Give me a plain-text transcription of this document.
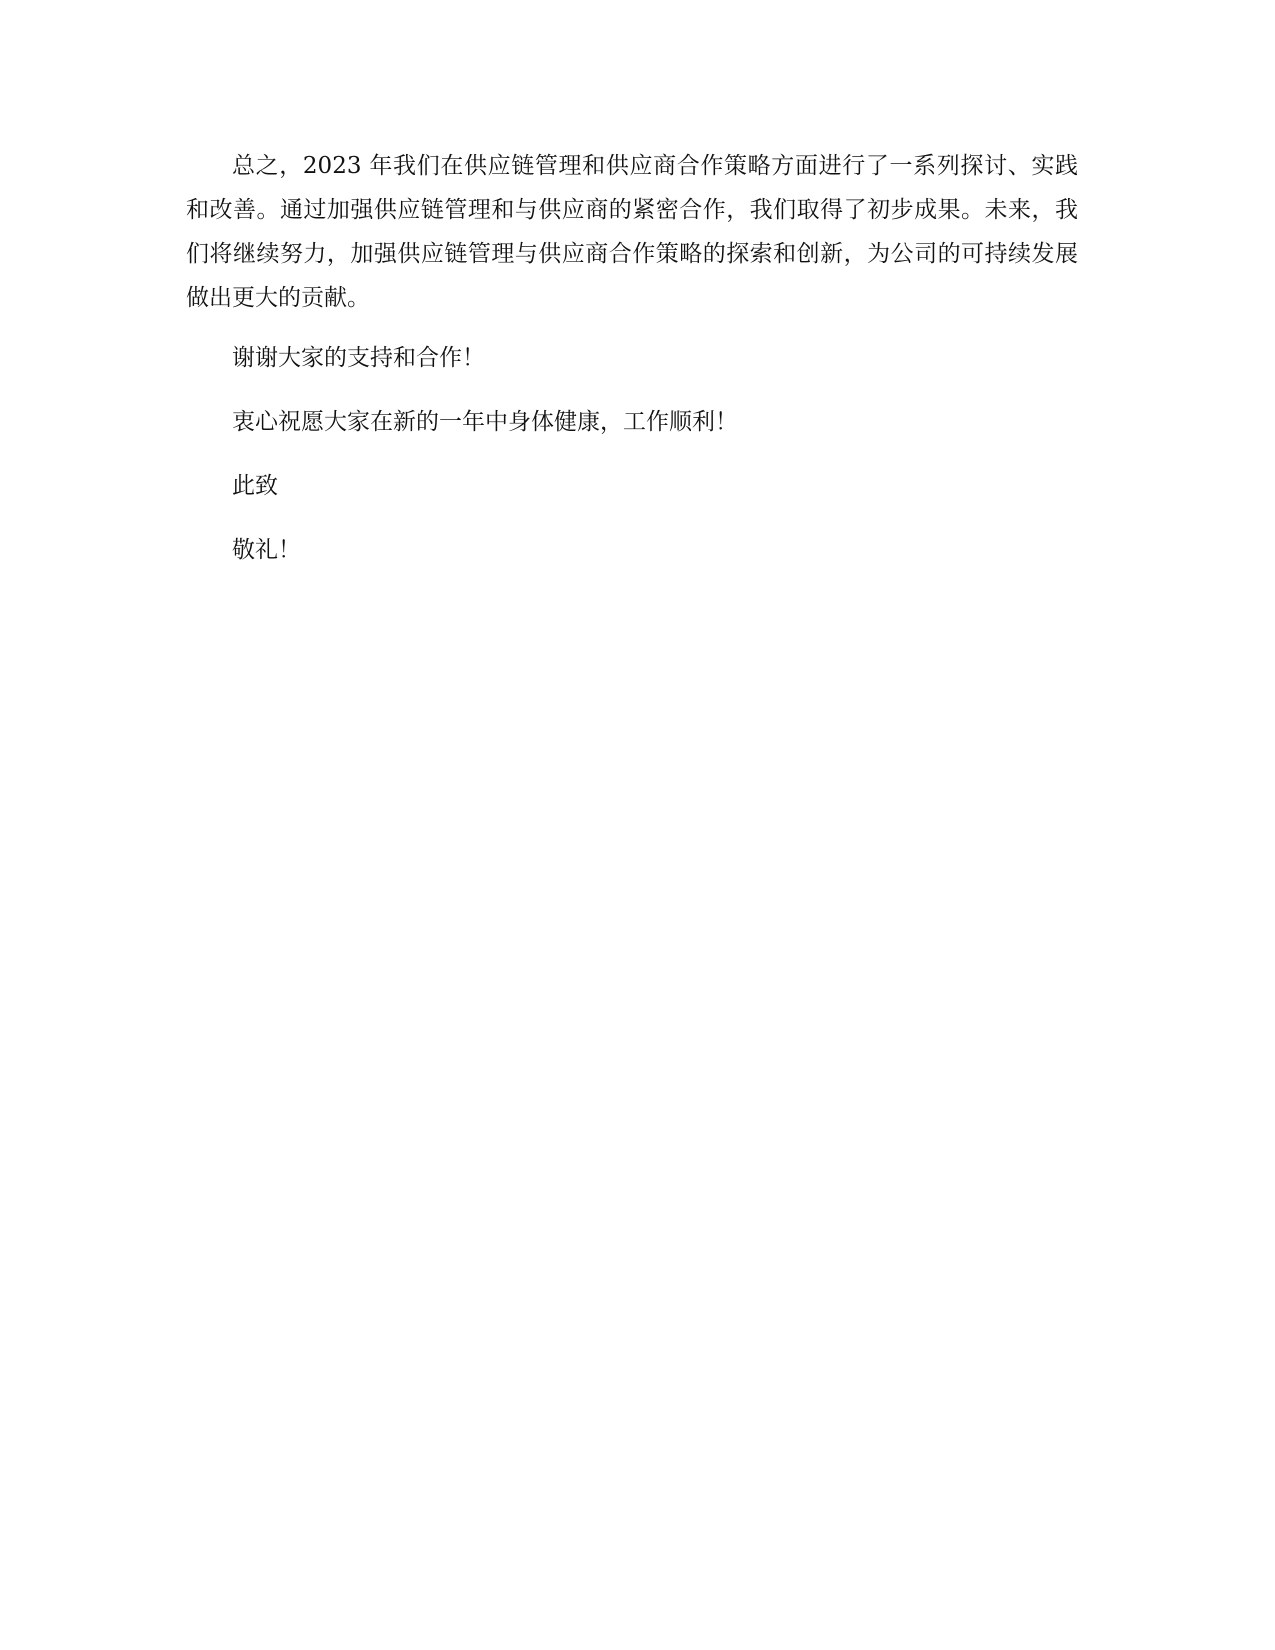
总之，2023 年我们在供应链管理和供应商合作策略方面进行了一系列探讨、实践和改善。通过加强供应链管理和与供应商的紧密合作，我们取得了初步成果。未来，我们将继续努力，加强供应链管理与供应商合作策略的探索和创新，为公司的可持续发展做出更大的贡献。

谢谢大家的支持和合作！

衷心祝愿大家在新的一年中身体健康，工作顺利！

此致

敬礼！
